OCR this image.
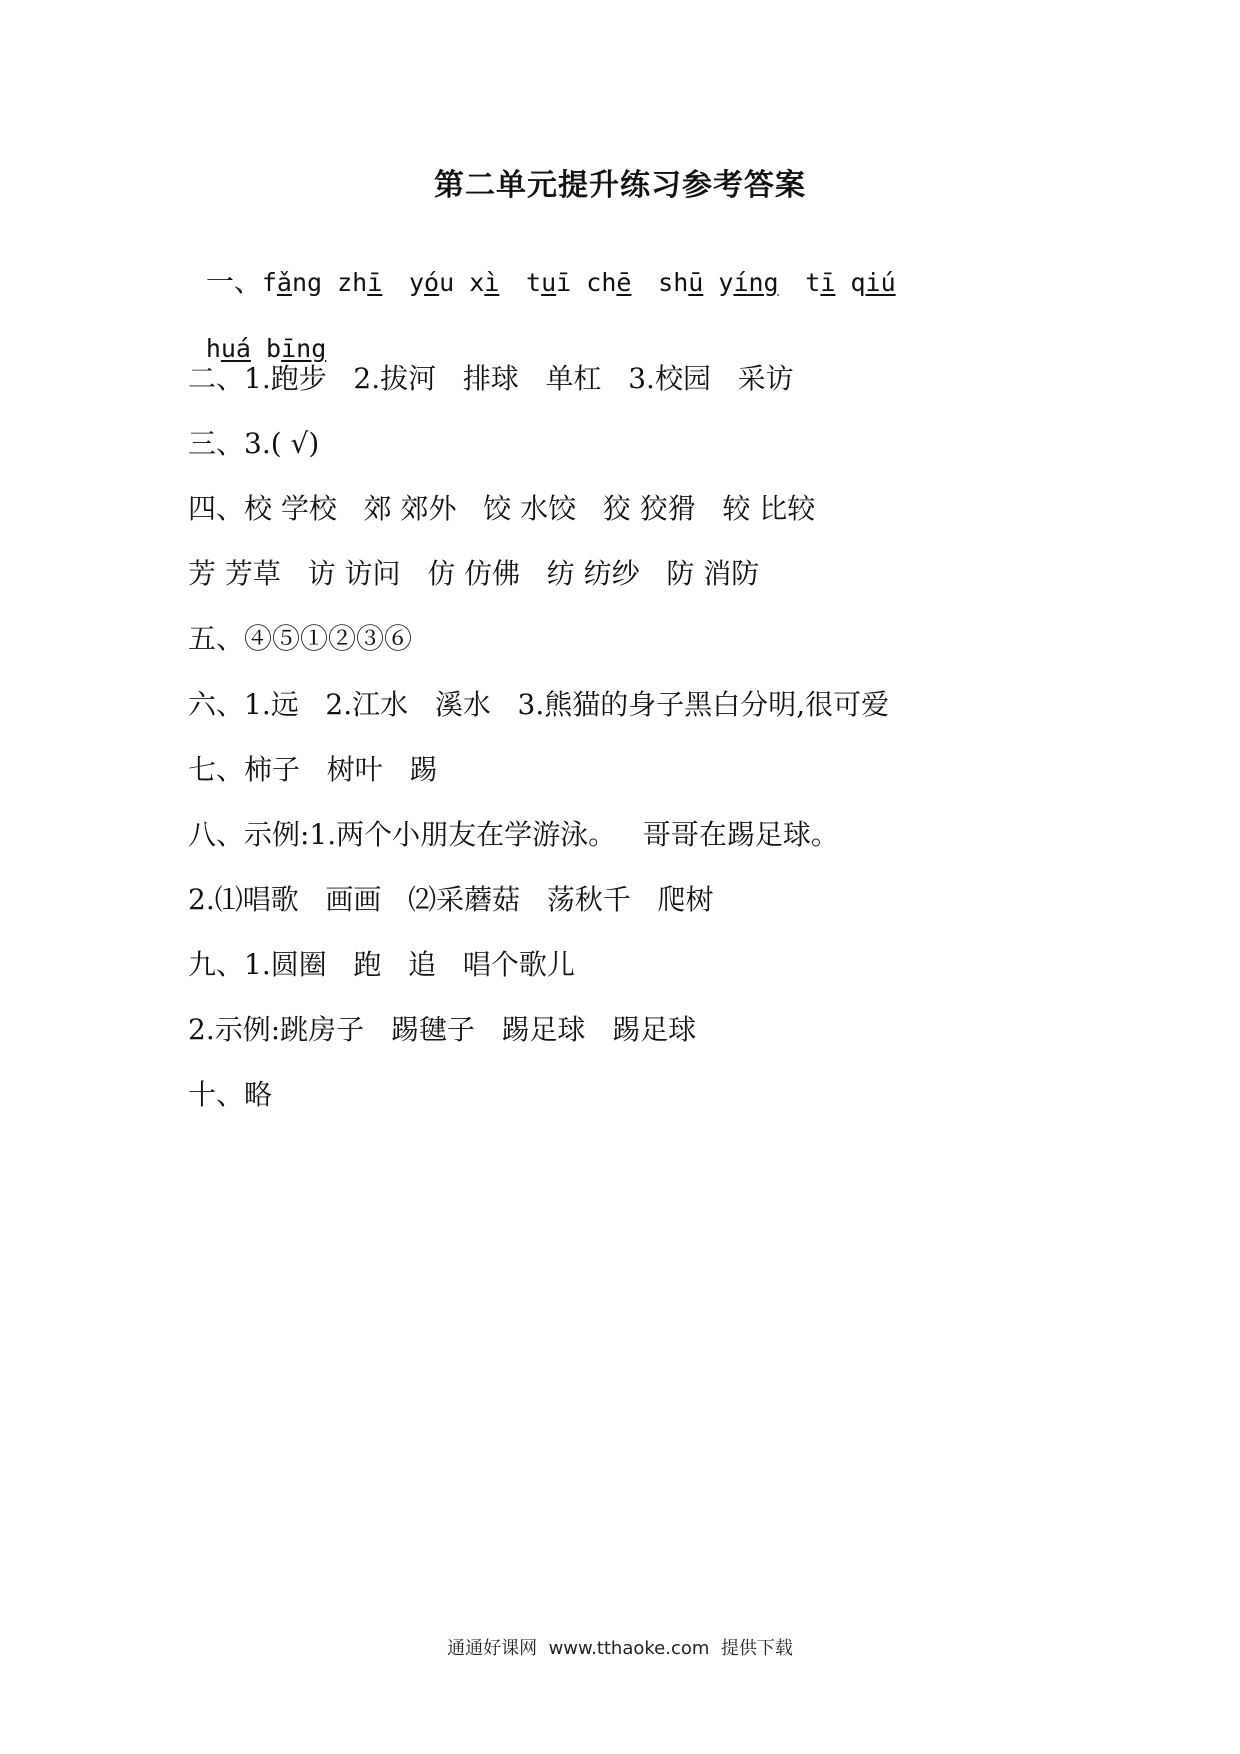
第二单元提升练习参考答案

一、fǎng zhī yóu xì tuī chē shū yíng tī qiú

huá bīng

二、1.跑步   2.拔河   排球   单杠   3.校园   采访
三、3.( √)
四、校 学校   郊 郊外   饺 水饺   狡 狡猾   较 比较
芳 芳草   访 访问   仿 仿佛   纺 纺纱   防 消防
五、④⑤①②③⑥
六、1.远   2.江水   溪水   3.熊猫的身子黑白分明,很可爱
七、柿子   树叶   踢
八、示例:1.两个小朋友在学游泳。   哥哥在踢足球。
2.⑴唱歌   画画   ⑵采蘑菇   荡秋千   爬树
九、1.圆圈   跑   追   唱个歌儿
2.示例:跳房子   踢毽子   踢足球   踢足球
十、略
通通好课网  www.tthaoke.com  提供下载
